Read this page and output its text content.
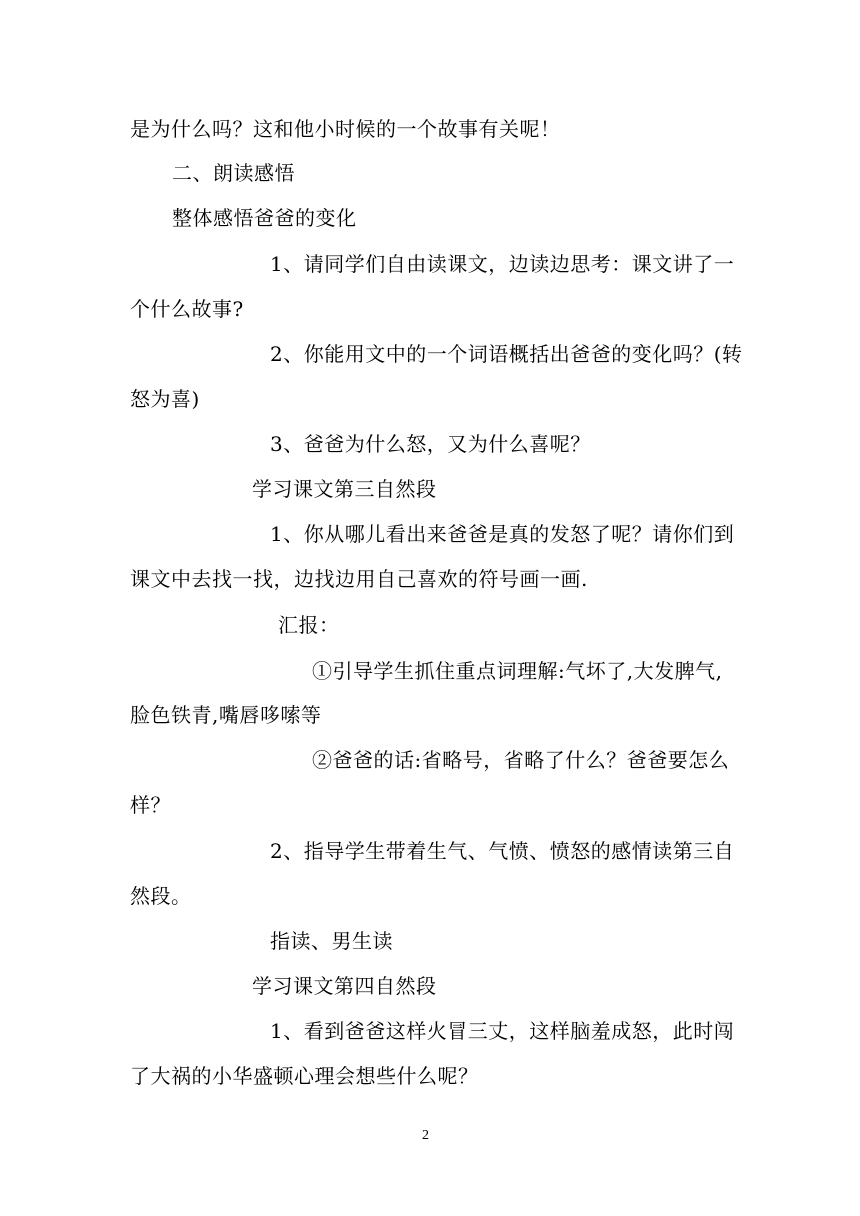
是为什么吗？这和他小时候的一个故事有关呢！
二、朗读感悟
整体感悟爸爸的变化
1、请同学们自由读课文，边读边思考：课文讲了一
个什么故事?
2、你能用文中的一个词语概括出爸爸的变化吗？(转
怒为喜)
3、爸爸为什么怒，又为什么喜呢？
学习课文第三自然段
1、你从哪儿看出来爸爸是真的发怒了呢？请你们到
课文中去找一找，边找边用自己喜欢的符号画一画.
汇报：
①引导学生抓住重点词理解:气坏了,大发脾气,
脸色铁青,嘴唇哆嗦等
②爸爸的话:省略号，省略了什么？爸爸要怎么
样？
2、指导学生带着生气、气愤、愤怒的感情读第三自
然段。
指读、男生读
学习课文第四自然段
1、看到爸爸这样火冒三丈，这样脑羞成怒，此时闯
了大祸的小华盛顿心理会想些什么呢？
2
